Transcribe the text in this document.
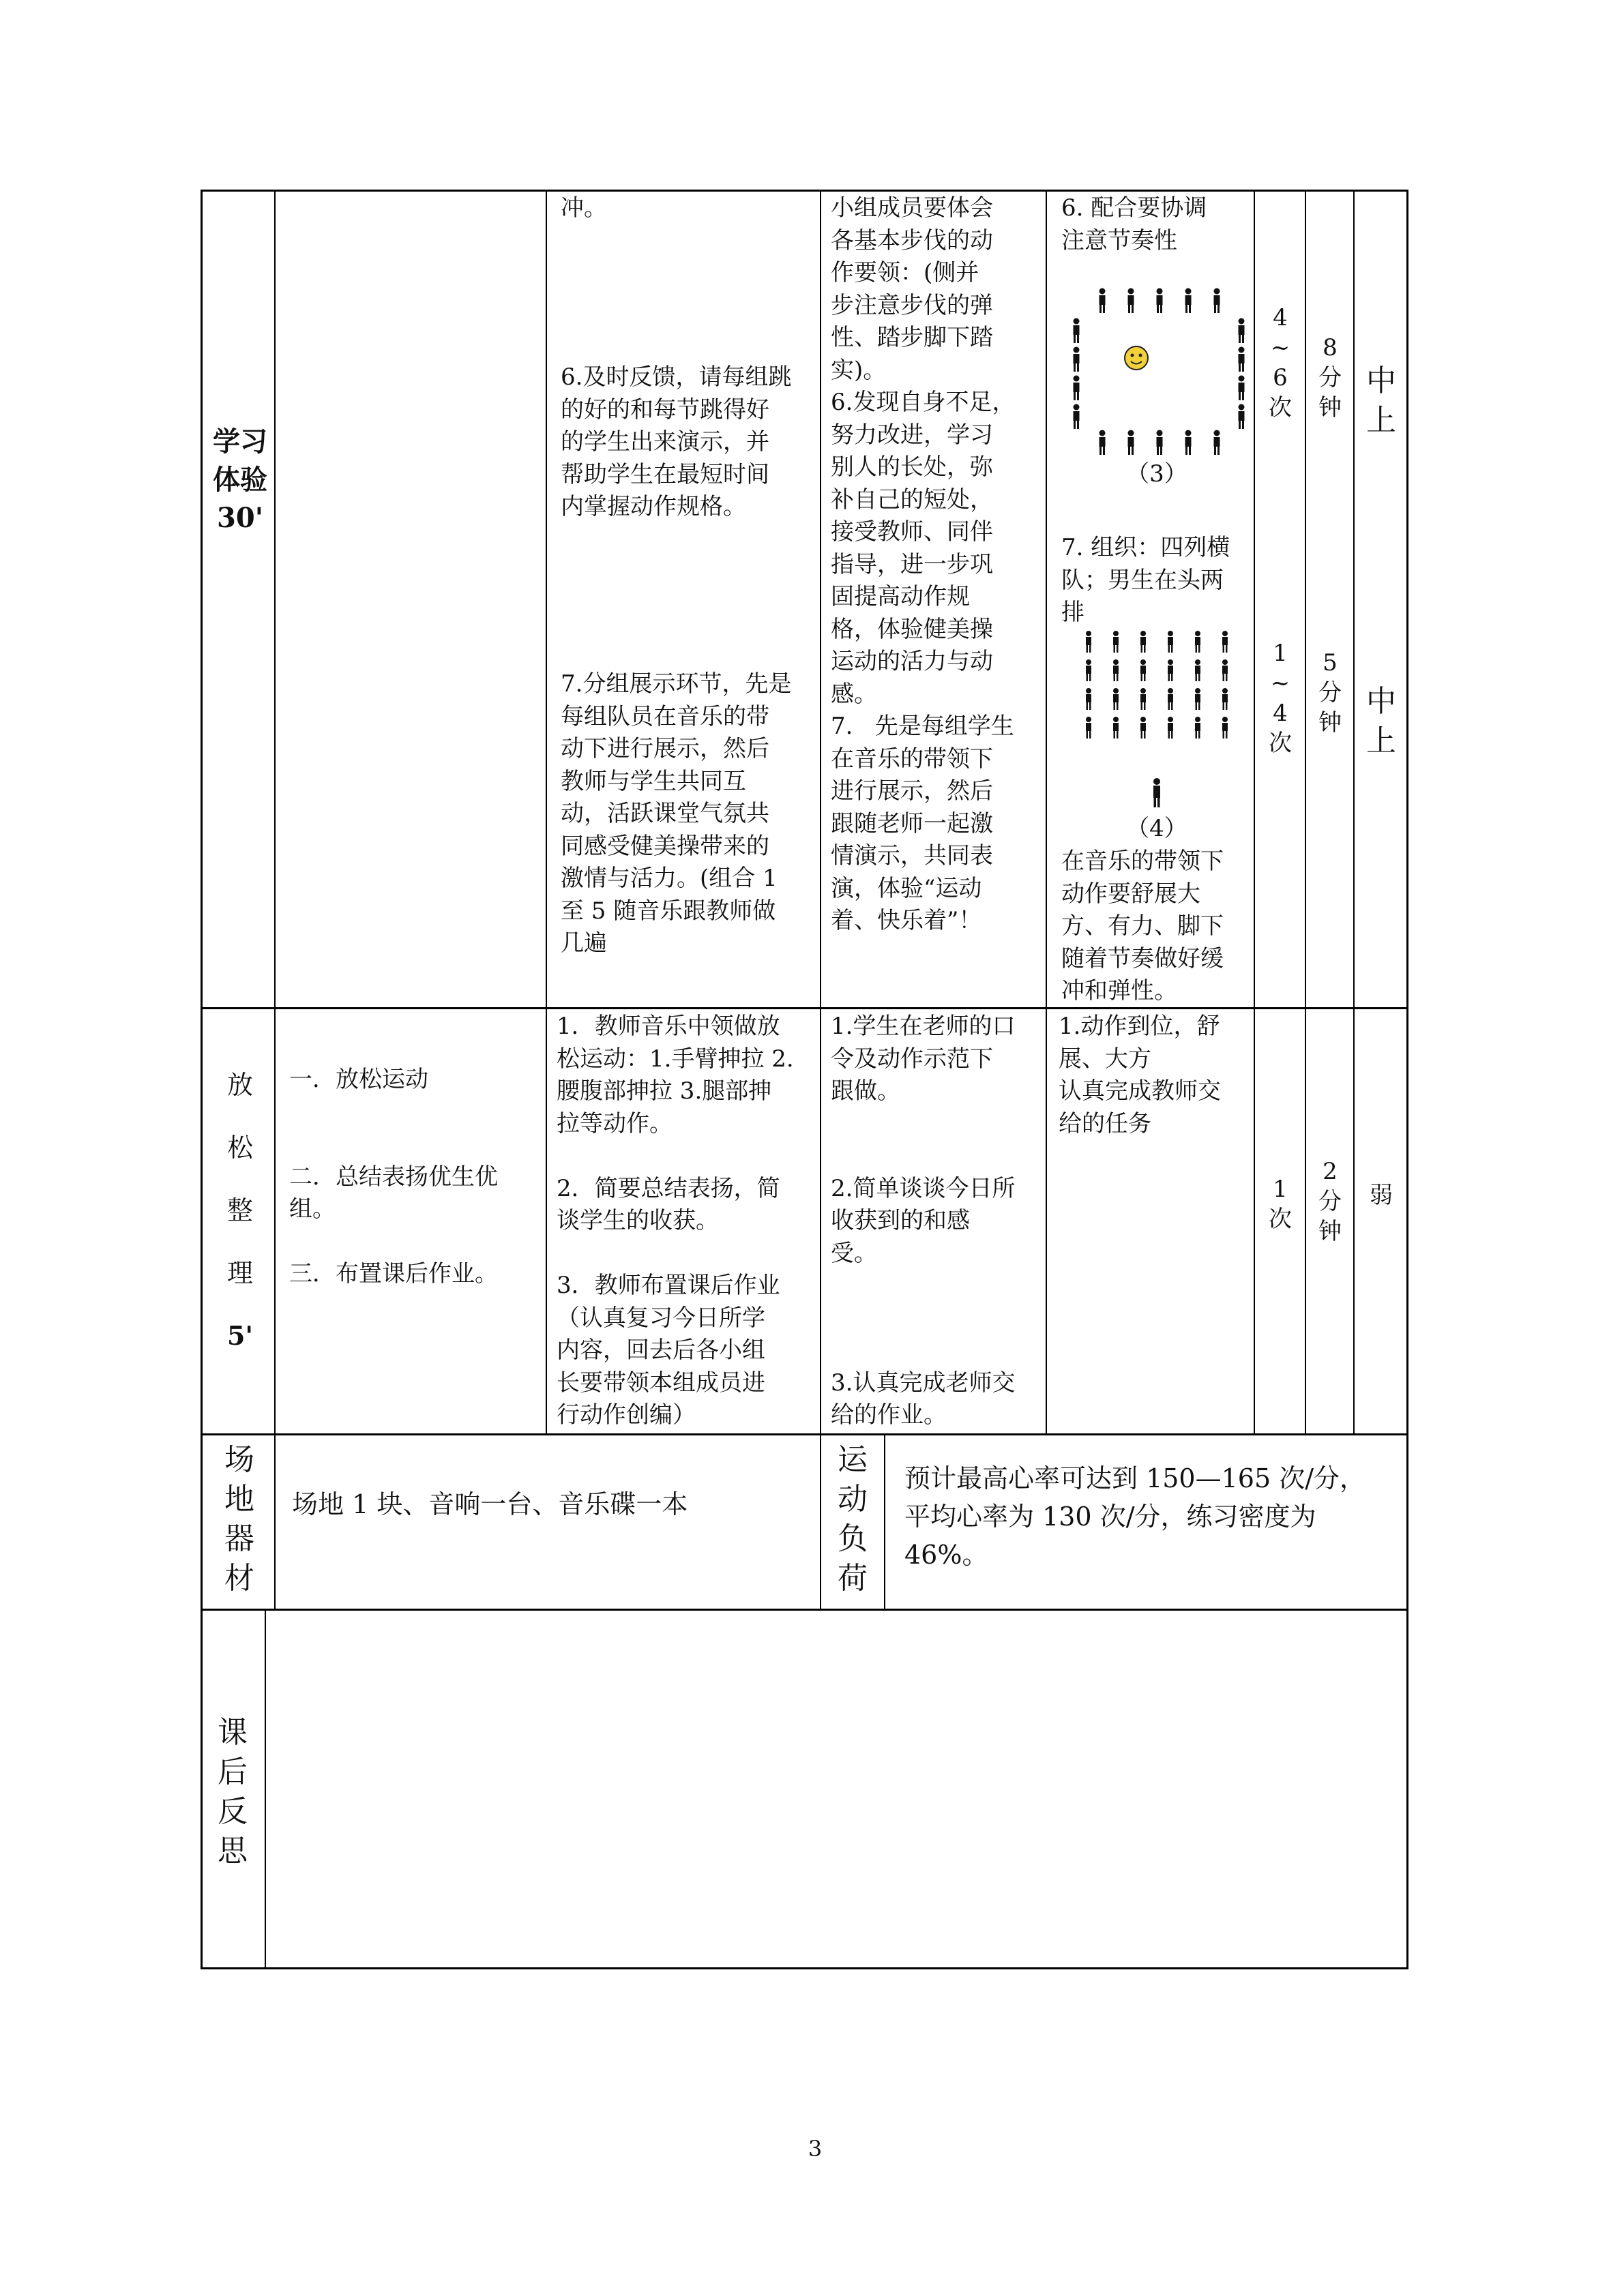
学习
体验
30'
冲。
6.及时反馈，请每组跳
的好的和每节跳得好
的学生出来演示，并
帮助学生在最短时间
内掌握动作规格。
7.分组展示环节，先是
每组队员在音乐的带
动下进行展示，然后
教师与学生共同互
动，活跃课堂气氛共
同感受健美操带来的
激情与活力。(组合 1
至 5 随音乐跟教师做
几遍
小组成员要体会
各基本步伐的动
作要领：(侧并
步注意步伐的弹
性、踏步脚下踏
实)。
6.发现自身不足，
努力改进，学习
别人的长处，弥
补自己的短处，
接受教师、同伴
指导，进一步巩
固提高动作规
格，体验健美操
运动的活力与动
感。
7.   先是每组学生
在音乐的带领下
进行展示，然后
跟随老师一起激
情演示，共同表
演，体验“运动
着、快乐着”！
6. 配合要协调
注意节奏性
（3）
7. 组织：四列横
队；男生在头两
排
（4）
在音乐的带领下
动作要舒展大
方、有力、脚下
随着节奏做好缓
冲和弹性。
4
~
6
次
8
分
钟
中
上
1
~
4
次
5
分
钟
中
上
放
松
整
理
5'
一．放松运动

二．总结表扬优生优
组。

三．布置课后作业。
1．教师音乐中领做放
松运动：1.手臂抻拉 2.
腰腹部抻拉 3.腿部抻
拉等动作。

2．简要总结表扬，简
谈学生的收获。

3．教师布置课后作业
（认真复习今日所学
内容，回去后各小组
长要带领本组成员进
行动作创编）
1.学生在老师的口
令及动作示范下
跟做。

2.简单谈谈今日所
收获到的和感
受。

3.认真完成老师交
给的作业。
1.动作到位，舒
展、大方
认真完成教师交
给的任务
1
次
2
分
钟
弱
场
地
器
材
场地 1 块、音响一台、音乐碟一本
运
动
负
荷
预计最高心率可达到 150—165 次/分，
平均心率为 130 次/分，练习密度为
46%。
课
后
反
思
3
